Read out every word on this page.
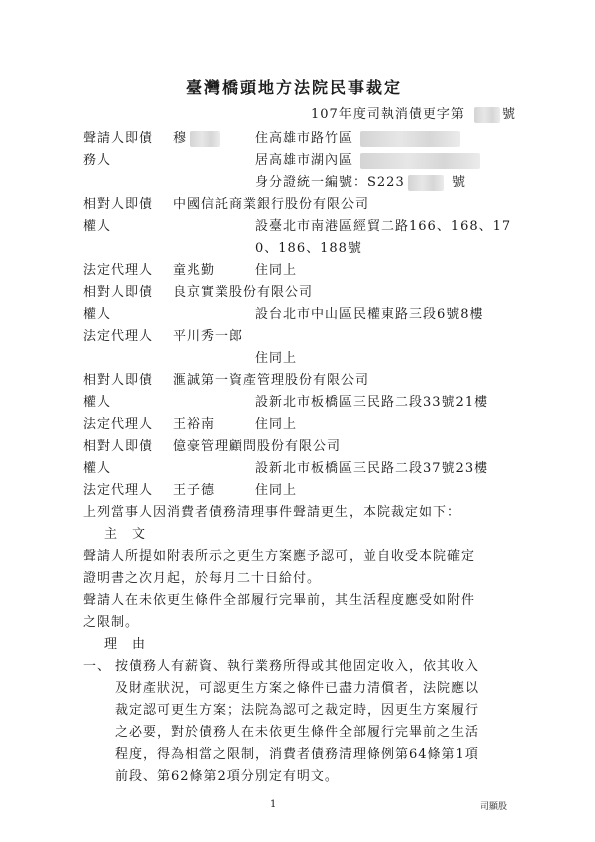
臺灣橋頭地方法院民事裁定
107年度司執消債更字第	號
聲請人即債
務人
穆	住高雄市路竹區
居高雄市湖內區
身分證統一編號：S223	號
相對人即債 中國信託商業銀行股份有限公司
權人	設臺北市南港區經貿二路166、168、17
0、186、188號
法定代理人 童兆勤	住同上
相對人即債 良京實業股份有限公司
權人	設台北市中山區民權東路三段6號8樓
法定代理人 平川秀一郎
住同上
相對人即債 滙誠第一資產管理股份有限公司
權人	設新北市板橋區三民路二段33號21樓
法定代理人 王裕南	住同上
相對人即債 億豪管理顧問股份有限公司
權人	設新北市板橋區三民路二段37號23樓
法定代理人 王子德	住同上
上列當事人因消費者債務清理事件聲請更生，本院裁定如下：
主　文
聲請人所提如附表所示之更生方案應予認可，並自收受本院確定
證明書之次月起，於每月二十日給付。
聲請人在未依更生條件全部履行完畢前，其生活程度應受如附件
之限制。
理　由
一、 按債務人有薪資、執行業務所得或其他固定收入，依其收入
及財產狀況，可認更生方案之條件已盡力清償者，法院應以
裁定認可更生方案；法院為認可之裁定時，因更生方案履行
之必要，對於債務人在未依更生條件全部履行完畢前之生活
程度，得為相當之限制，消費者債務清理條例第64條第1項
前段、第62條第2項分別定有明文。
1	司顯股
